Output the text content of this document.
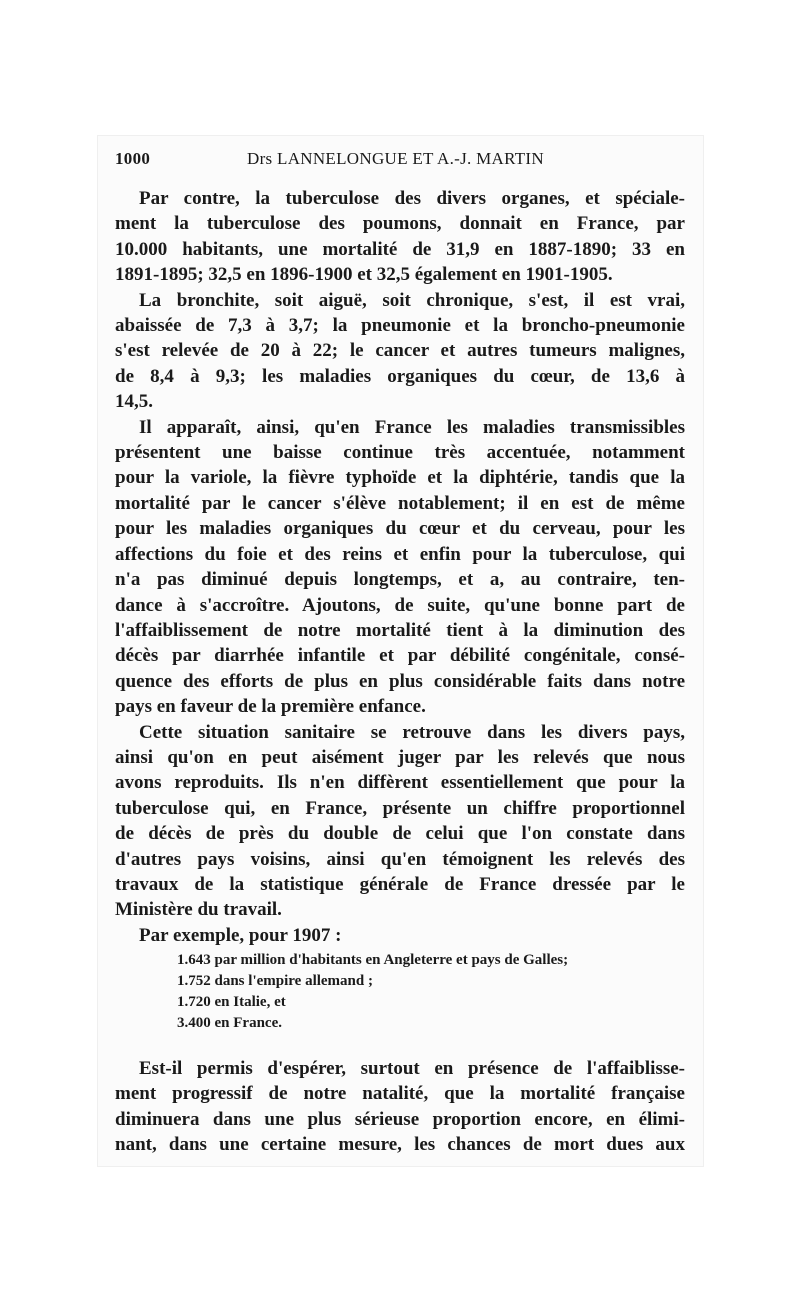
1000	Drs LANNELONGUE ET A.-J. MARTIN
Par contre, la tuberculose des divers organes, et spéciale-
ment la tuberculose des poumons, donnait en France, par
10.000 habitants, une mortalité de 31,9 en 1887-1890; 33 en
1891-1895; 32,5 en 1896-1900 et 32,5 également en 1901-1905.
La bronchite, soit aiguë, soit chronique, s'est, il est vrai,
abaissée de 7,3 à 3,7; la pneumonie et la broncho-pneumonie
s'est relevée de 20 à 22; le cancer et autres tumeurs malignes,
de 8,4 à 9,3; les maladies organiques du cœur, de 13,6 à
14,5.
Il apparaît, ainsi, qu'en France les maladies transmissibles
présentent une baisse continue très accentuée, notamment
pour la variole, la fièvre typhoïde et la diphtérie, tandis que la
mortalité par le cancer s'élève notablement; il en est de même
pour les maladies organiques du cœur et du cerveau, pour les
affections du foie et des reins et enfin pour la tuberculose, qui
n'a pas diminué depuis longtemps, et a, au contraire, ten-
dance à s'accroître. Ajoutons, de suite, qu'une bonne part de
l'affaiblissement de notre mortalité tient à la diminution des
décès par diarrhée infantile et par débilité congénitale, consé-
quence des efforts de plus en plus considérable faits dans notre
pays en faveur de la première enfance.
Cette situation sanitaire se retrouve dans les divers pays,
ainsi qu'on en peut aisément juger par les relevés que nous
avons reproduits. Ils n'en diffèrent essentiellement que pour la
tuberculose qui, en France, présente un chiffre proportionnel
de décès de près du double de celui que l'on constate dans
d'autres pays voisins, ainsi qu'en témoignent les relevés des
travaux de la statistique générale de France dressée par le
Ministère du travail.
Par exemple, pour 1907 :
1.643 par million d'habitants en Angleterre et pays de Galles;
1.752 dans l'empire allemand ;
1.720 en Italie, et
3.400 en France.
Est-il permis d'espérer, surtout en présence de l'affaiblisse-
ment progressif de notre natalité, que la mortalité française
diminuera dans une plus sérieuse proportion encore, en élimi-
nant, dans une certaine mesure, les chances de mort dues aux
